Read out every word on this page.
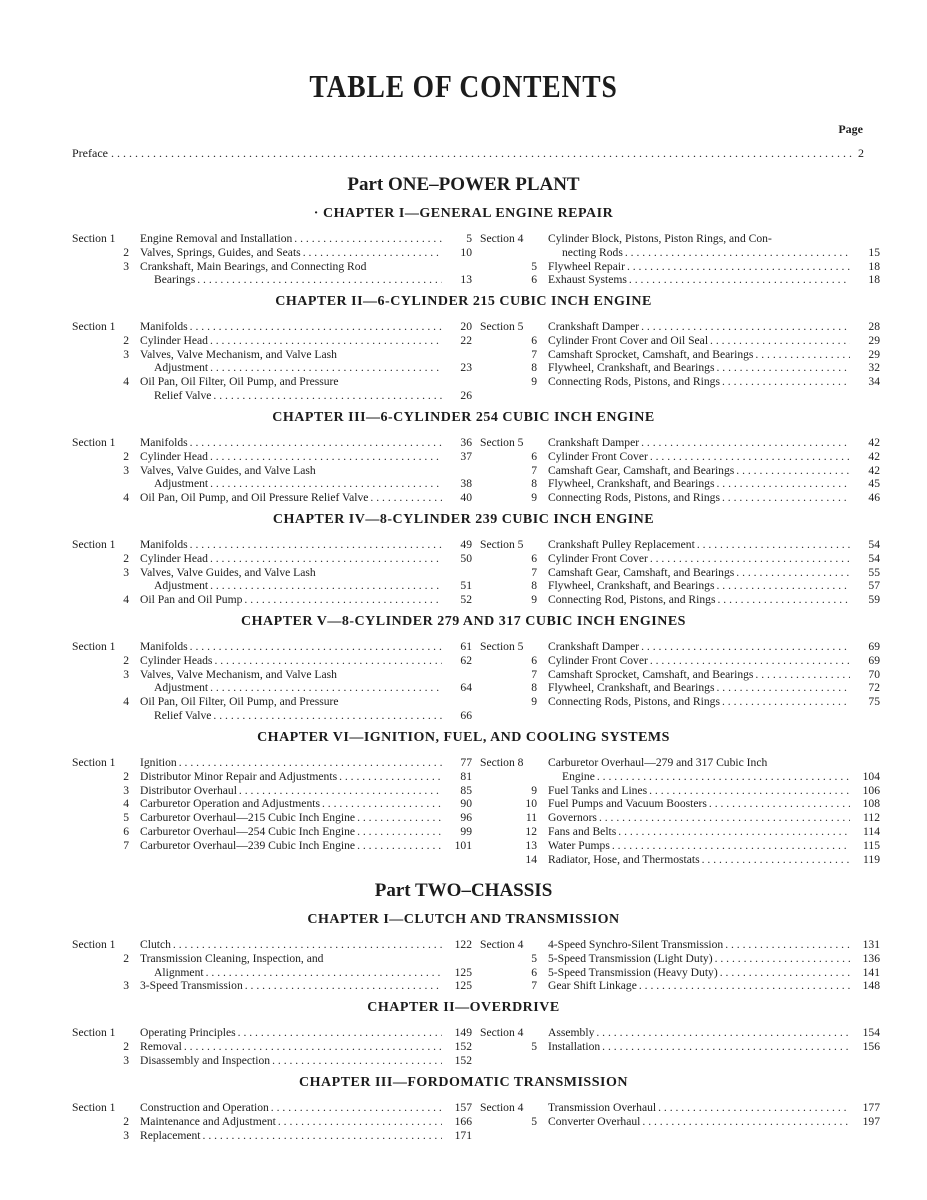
TABLE OF CONTENTS
Page
Preface . . .	2
Part ONE–POWER PLANT
· CHAPTER I—GENERAL ENGINE REPAIR
Section 1	Engine Removal and Installation . . .	5
2 Valves, Springs, Guides, and Seats . . .	10
3 Crankshaft, Main Bearings, and Connecting Rod
Bearings . . .	13
Section 4	Cylinder Block, Pistons, Piston Rings, and Con-
necting Rods . . .	15
5 Flywheel Repair . . .	18
6 Exhaust Systems . . .	18
CHAPTER II—6-CYLINDER 215 CUBIC INCH ENGINE
Section 1	Manifolds . . .	20
2 Cylinder Head . . .	22
3 Valves, Valve Mechanism, and Valve Lash
Adjustment . . .	23
4 Oil Pan, Oil Filter, Oil Pump, and Pressure
Relief Valve . . .	26
Section 5	Crankshaft Damper . . .	28
6 Cylinder Front Cover and Oil Seal . . .	29
7 Camshaft Sprocket, Camshaft, and Bearings . . .	29
8 Flywheel, Crankshaft, and Bearings . . .	32
9 Connecting Rods, Pistons, and Rings . . .	34
CHAPTER III—6-CYLINDER 254 CUBIC INCH ENGINE
Section 1	Manifolds . . .	36
2 Cylinder Head . . .	37
3 Valves, Valve Guides, and Valve Lash
Adjustment . . .	38
4 Oil Pan, Oil Pump, and Oil Pressure Relief Valve . . .	40
Section 5	Crankshaft Damper . . .	42
6 Cylinder Front Cover . . .	42
7 Camshaft Gear, Camshaft, and Bearings . . .	42
8 Flywheel, Crankshaft, and Bearings . . .	45
9 Connecting Rods, Pistons, and Rings . . .	46
CHAPTER IV—8-CYLINDER 239 CUBIC INCH ENGINE
Section 1	Manifolds . . .	49
2 Cylinder Head . . .	50
3 Valves, Valve Guides, and Valve Lash
Adjustment . . .	51
4 Oil Pan and Oil Pump . . .	52
Section 5	Crankshaft Pulley Replacement . . .	54
6 Cylinder Front Cover . . .	54
7 Camshaft Gear, Camshaft, and Bearings . . .	55
8 Flywheel, Crankshaft, and Bearings . . .	57
9 Connecting Rod, Pistons, and Rings . . .	59
CHAPTER V—8-CYLINDER 279 AND 317 CUBIC INCH ENGINES
Section 1	Manifolds . . .	61
2 Cylinder Heads . . .	62
3 Valves, Valve Mechanism, and Valve Lash
Adjustment . . .	64
4 Oil Pan, Oil Filter, Oil Pump, and Pressure
Relief Valve . . .	66
Section 5	Crankshaft Damper . . .	69
6 Cylinder Front Cover . . .	69
7 Camshaft Sprocket, Camshaft, and Bearings . . .	70
8 Flywheel, Crankshaft, and Bearings . . .	72
9 Connecting Rods, Pistons, and Rings . . .	75
CHAPTER VI—IGNITION, FUEL, AND COOLING SYSTEMS
Section 1	Ignition . . .	77
2 Distributor Minor Repair and Adjustments . . .	81
3 Distributor Overhaul . . .	85
4 Carburetor Operation and Adjustments . . .	90
5 Carburetor Overhaul—215 Cubic Inch Engine . . .	96
6 Carburetor Overhaul—254 Cubic Inch Engine . . .	99
7 Carburetor Overhaul—239 Cubic Inch Engine . . .	101
Section 8	Carburetor Overhaul—279 and 317 Cubic Inch
Engine . . .	104
9 Fuel Tanks and Lines . . .	106
10 Fuel Pumps and Vacuum Boosters . . .	108
11 Governors . . .	112
12 Fans and Belts . . .	114
13 Water Pumps . . .	115
14 Radiator, Hose, and Thermostats . . .	119
Part TWO–CHASSIS
CHAPTER I—CLUTCH AND TRANSMISSION
Section 1	Clutch . . .	122
2 Transmission Cleaning, Inspection, and
Alignment . . .	125
3 3-Speed Transmission . . .	125
Section 4	4-Speed Synchro-Silent Transmission . . .	131
5 5-Speed Transmission (Light Duty) . . .	136
6 5-Speed Transmission (Heavy Duty) . . .	141
7 Gear Shift Linkage . . .	148
CHAPTER II—OVERDRIVE
Section 1	Operating Principles . . .	149
2 Removal . . .	152
3 Disassembly and Inspection . . .	152
Section 4	Assembly . . .	154
5 Installation . . .	156
CHAPTER III—FORDOMATIC TRANSMISSION
Section 1	Construction and Operation . . .	157
2 Maintenance and Adjustment . . .	166
3 Replacement . . .	171
Section 4	Transmission Overhaul . . .	177
5 Converter Overhaul . . .	197
